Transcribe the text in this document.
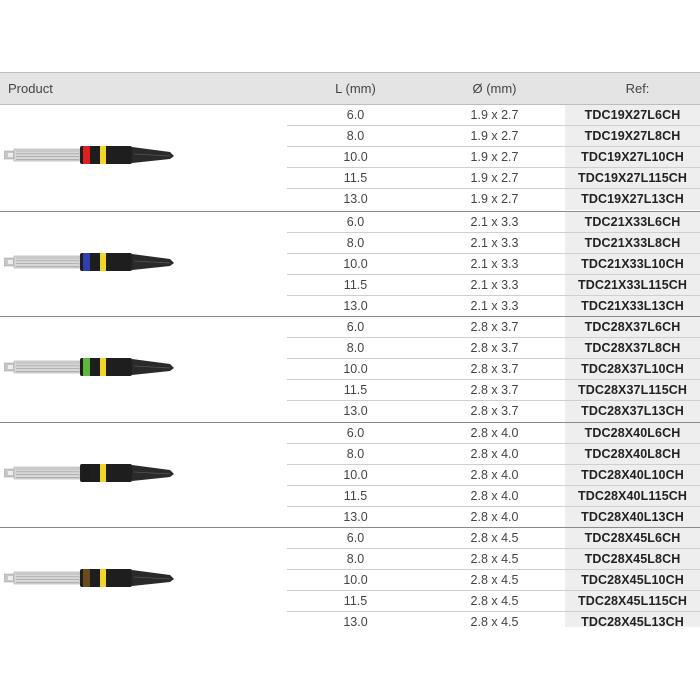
Product	L (mm)	Ø (mm)	Ref:
6.0	1.9 x 2.7	TDC19X27L6CH
8.0	1.9 x 2.7	TDC19X27L8CH
10.0	1.9 x 2.7	TDC19X27L10CH
11.5	1.9 x 2.7	TDC19X27L115CH
13.0	1.9 x 2.7	TDC19X27L13CH
6.0	2.1 x 3.3	TDC21X33L6CH
8.0	2.1 x 3.3	TDC21X33L8CH
10.0	2.1 x 3.3	TDC21X33L10CH
11.5	2.1 x 3.3	TDC21X33L115CH
13.0	2.1 x 3.3	TDC21X33L13CH
6.0	2.8 x 3.7	TDC28X37L6CH
8.0	2.8 x 3.7	TDC28X37L8CH
10.0	2.8 x 3.7	TDC28X37L10CH
11.5	2.8 x 3.7	TDC28X37L115CH
13.0	2.8 x 3.7	TDC28X37L13CH
6.0	2.8 x 4.0	TDC28X40L6CH
8.0	2.8 x 4.0	TDC28X40L8CH
10.0	2.8 x 4.0	TDC28X40L10CH
11.5	2.8 x 4.0	TDC28X40L115CH
13.0	2.8 x 4.0	TDC28X40L13CH
6.0	2.8 x 4.5	TDC28X45L6CH
8.0	2.8 x 4.5	TDC28X45L8CH
10.0	2.8 x 4.5	TDC28X45L10CH
11.5	2.8 x 4.5	TDC28X45L115CH
13.0	2.8 x 4.5	TDC28X45L13CH
